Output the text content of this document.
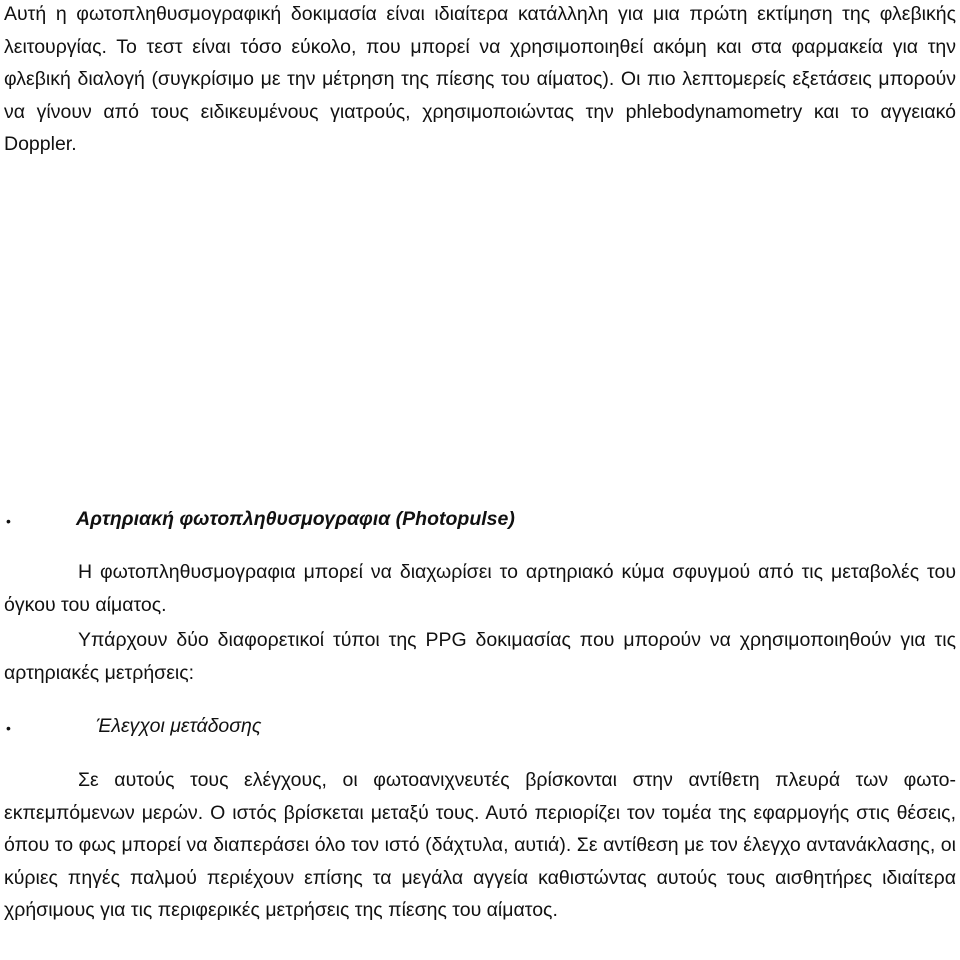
Αυτή η φωτοπληθυσμογραφική δοκιμασία είναι ιδιαίτερα κατάλληλη για μια πρώτη εκτίμηση της φλεβικής λειτουργίας. Το τεστ είναι τόσο εύκολο, που μπορεί να χρησιμοποιηθεί ακόμη και στα φαρμακεία για την φλεβική διαλογή (συγκρίσιμο με την μέτρηση της πίεσης του αίματος). Οι πιο λεπτομερείς εξετάσεις μπορούν να γίνουν από τους ειδικευμένους γιατρούς, χρησιμοποιώντας την phlebodynamometry και το αγγειακό Doppler.
•	Αρτηριακή φωτοπληθυσμογραφια (Photopulse)
Η φωτοπληθυσμογραφια μπορεί να διαχωρίσει το αρτηριακό κύμα σφυγμού από τις μεταβολές του όγκου του αίματος.
Υπάρχουν δύο διαφορετικοί τύποι της PPG δοκιμασίας που μπορούν να χρησιμοποιηθούν για τις αρτηριακές μετρήσεις:
•	Έλεγχοι μετάδοσης
Σε αυτούς τους ελέγχους, οι φωτοανιχνευτές βρίσκονται στην αντίθετη πλευρά των φωτο-εκπεμπόμενων μερών. Ο ιστός βρίσκεται μεταξύ τους. Αυτό περιορίζει τον τομέα της εφαρμογής στις θέσεις, όπου το φως μπορεί να διαπεράσει όλο τον ιστό (δάχτυλα, αυτιά). Σε αντίθεση με τον έλεγχο αντανάκλασης, οι κύριες πηγές παλμού περιέχουν επίσης τα μεγάλα αγγεία καθιστώντας αυτούς τους αισθητήρες ιδιαίτερα χρήσιμους για τις περιφερικές μετρήσεις της πίεσης του αίματος.
